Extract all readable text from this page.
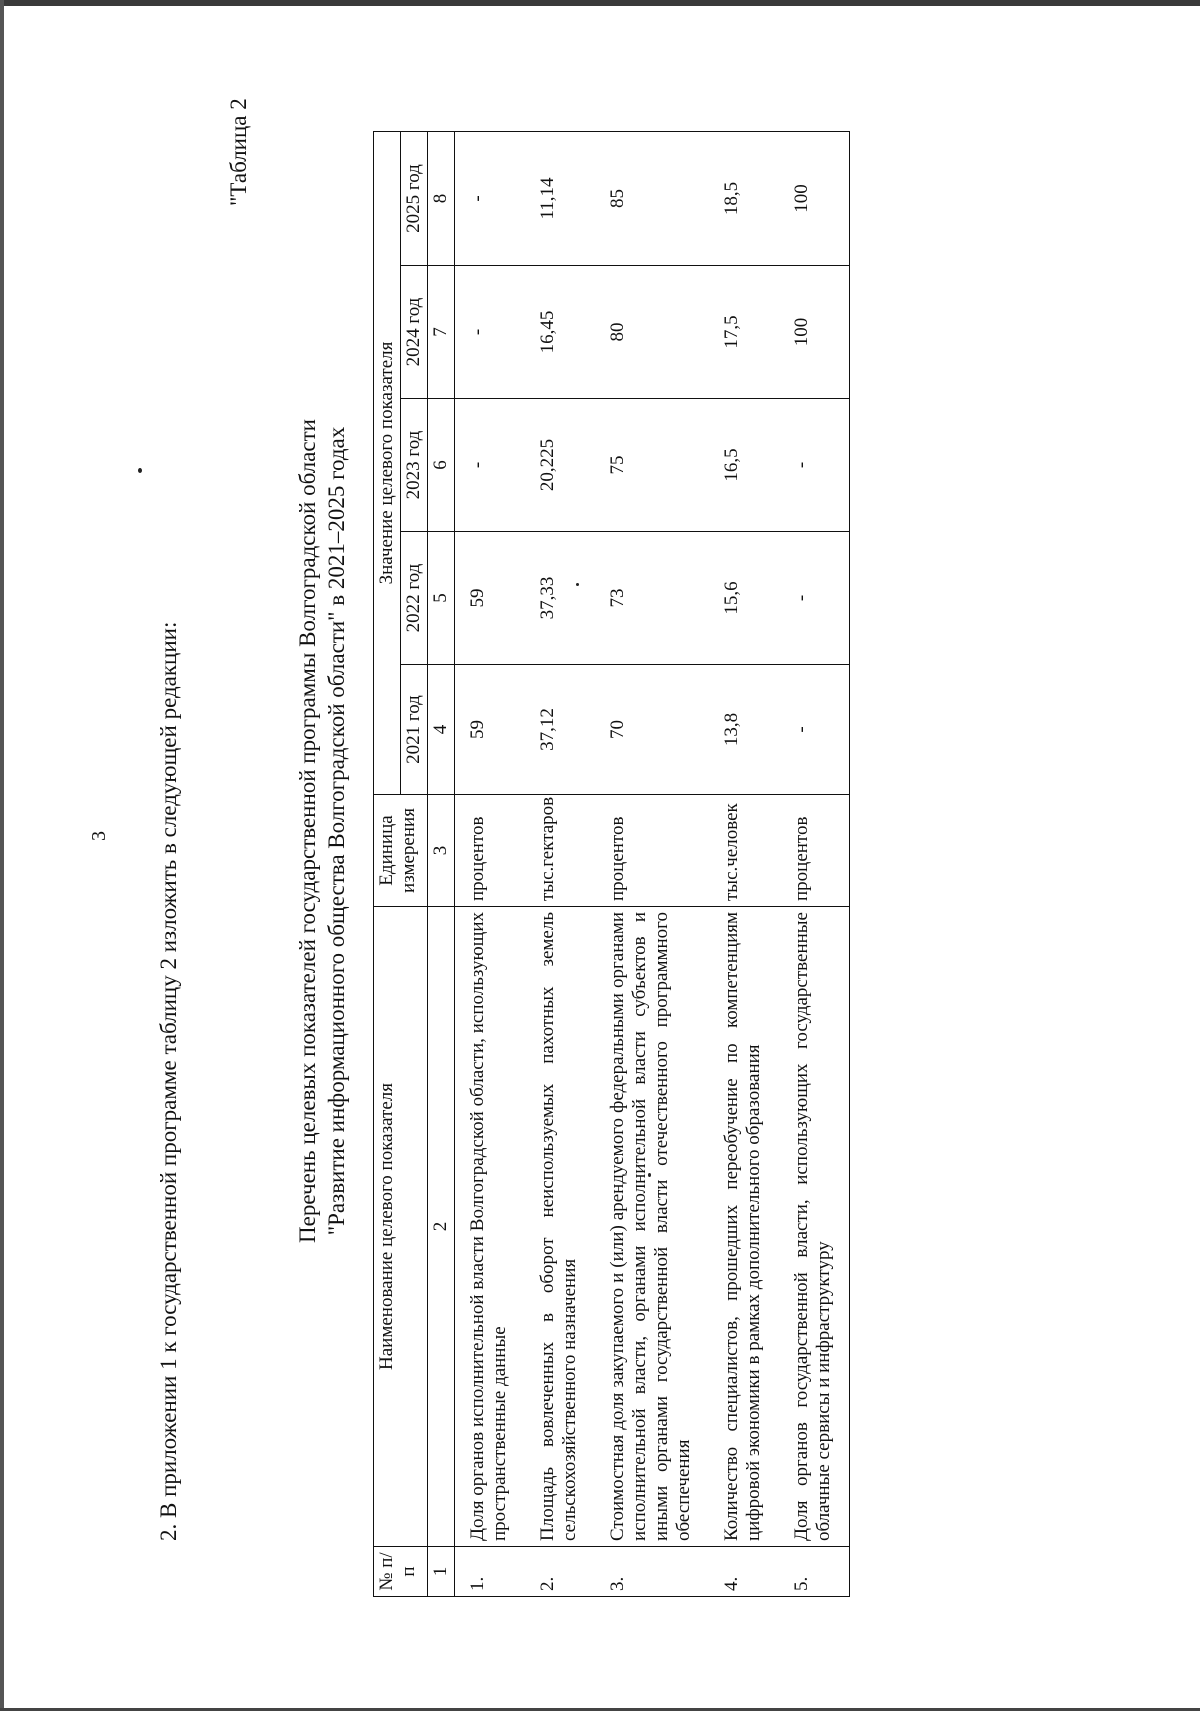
3 2. В приложении 1 к государственной программе таблицу 2 изложить в следующей редакции:
"Таблица 2
Перечень целевых показателей государственной программы Волгоградской области "Развитие информационного общества Волгоградской области" в 2021–2025 годах
№ п/п	Наименование целевого показателя	Единица измерения	Значение целевого показателя				
			2021 год	2022 год	2023 год	2024 год	2025 год
1	2	3	4	5	6	7	8
1.	Доля органов исполнительной власти Волгоградской области, использующих пространственные данные	процентов	59	59	-	-	-
2.	Площадь вовлеченных в оборот неиспользуемых пахотных земель сельскохозяйственного назначения	тыс.гектаров	37,12	37,33	20,225	16,45	11,14
3.	Стоимостная доля закупаемого и (или) арендуемого федеральными органами исполнительной власти, органами исполнительной власти субъектов и иными органами государственной власти отечественного программного обеспечения	процентов	70	73	75	80	85
4.	Количество специалистов, прошедших переобучение по компетенциям цифровой экономики в рамках дополнительного образования	тыс.человек	13,8	15,6	16,5	17,5	18,5
5.	Доля органов государственной власти, использующих государственные облачные сервисы и инфраструктуру	процентов	-	-	-	100	100
